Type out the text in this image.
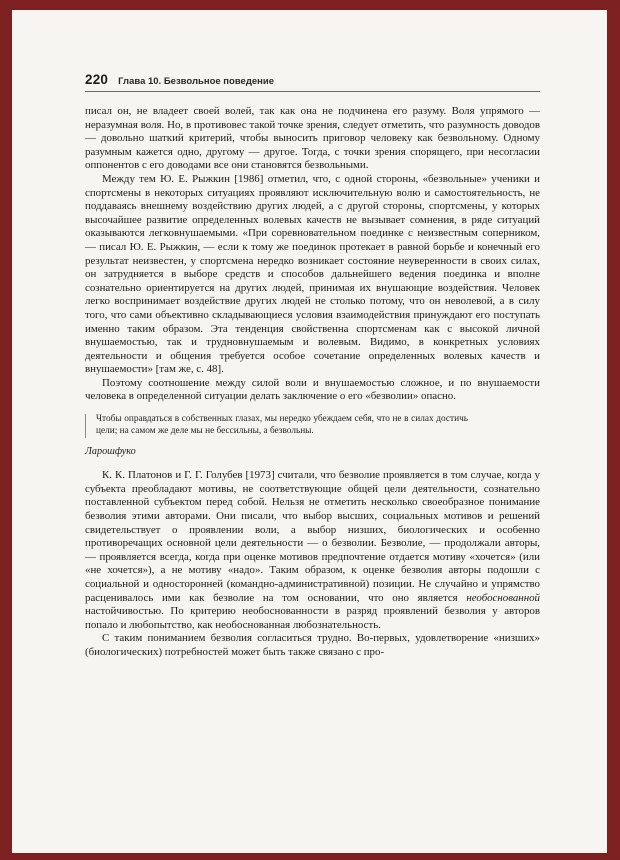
220 Глава 10. Безвольное поведение

писал он, не владеет своей волей, так как она не подчинена его разуму. Воля упрямого — неразумная воля. Но, в противовес такой точке зрения, следует отметить, что разумность доводов — довольно шаткий критерий, чтобы выносить приговор человеку как безвольному. Одному разумным кажется одно, другому — другое. Тогда, с точки зрения спорящего, при несогласии оппонентов с его доводами все они становятся безвольными.

Между тем Ю. Е. Рыжкин [1986] отметил, что, с одной стороны, «безвольные» ученики и спортсмены в некоторых ситуациях проявляют исключительную волю и самостоятельность, не поддаваясь внешнему воздействию других людей, а с другой стороны, спортсмены, у которых высочайшее развитие определенных волевых качеств не вызывает сомнения, в ряде ситуаций оказываются легковнушаемыми. «При соревновательном поединке с неизвестным соперником, — писал Ю. Е. Рыжкин, — если к тому же поединок протекает в равной борьбе и конечный его результат неизвестен, у спортсмена нередко возникает состояние неуверенности в своих силах, он затрудняется в выборе средств и способов дальнейшего ведения поединка и вполне сознательно ориентируется на других людей, принимая их внушающие воздействия. Человек легко воспринимает воздействие других людей не столько потому, что он неволевой, а в силу того, что сами объективно складывающиеся условия взаимодействия принуждают его поступать именно таким образом. Эта тенденция свойственна спортсменам как с высокой личной внушаемостью, так и трудновнушаемым и волевым. Видимо, в конкретных условиях деятельности и общения требуется особое сочетание определенных волевых качеств и внушаемости» [там же, с. 48].

Поэтому соотношение между силой воли и внушаемостью сложное, и по внушаемости человека в определенной ситуации делать заключение о его «безволии» опасно.

Чтобы оправдаться в собственных глазах, мы нередко убеждаем себя, что не в силах достичь цели; на самом же деле мы не бессильны, а безвольны.

Ларошфуко

К. К. Платонов и Г. Г. Голубев [1973] считали, что безволие проявляется в том случае, когда у субъекта преобладают мотивы, не соответствующие общей цели деятельности, сознательно поставленной субъектом перед собой. Нельзя не отметить несколько своеобразное понимание безволия этими авторами. Они писали, что выбор высших, социальных мотивов и решений свидетельствует о проявлении воли, а выбор низших, биологических и особенно противоречащих основной цели деятельности — о безволии. Безволие, — продолжали авторы, — проявляется всегда, когда при оценке мотивов предпочтение отдается мотиву «хочется» (или «не хочется»), а не мотиву «надо». Таким образом, к оценке безволия авторы подошли с социальной и односторонней (командно-административной) позиции. Не случайно и упрямство расценивалось ими как безволие на том основании, что оно является необоснованной настойчивостью. По критерию необоснованности в разряд проявлений безволия у авторов попало и любопытство, как необоснованная любознательность.

С таким пониманием безволия согласиться трудно. Во-первых, удовлетворение «низших» (биологических) потребностей может быть также связано с про-
